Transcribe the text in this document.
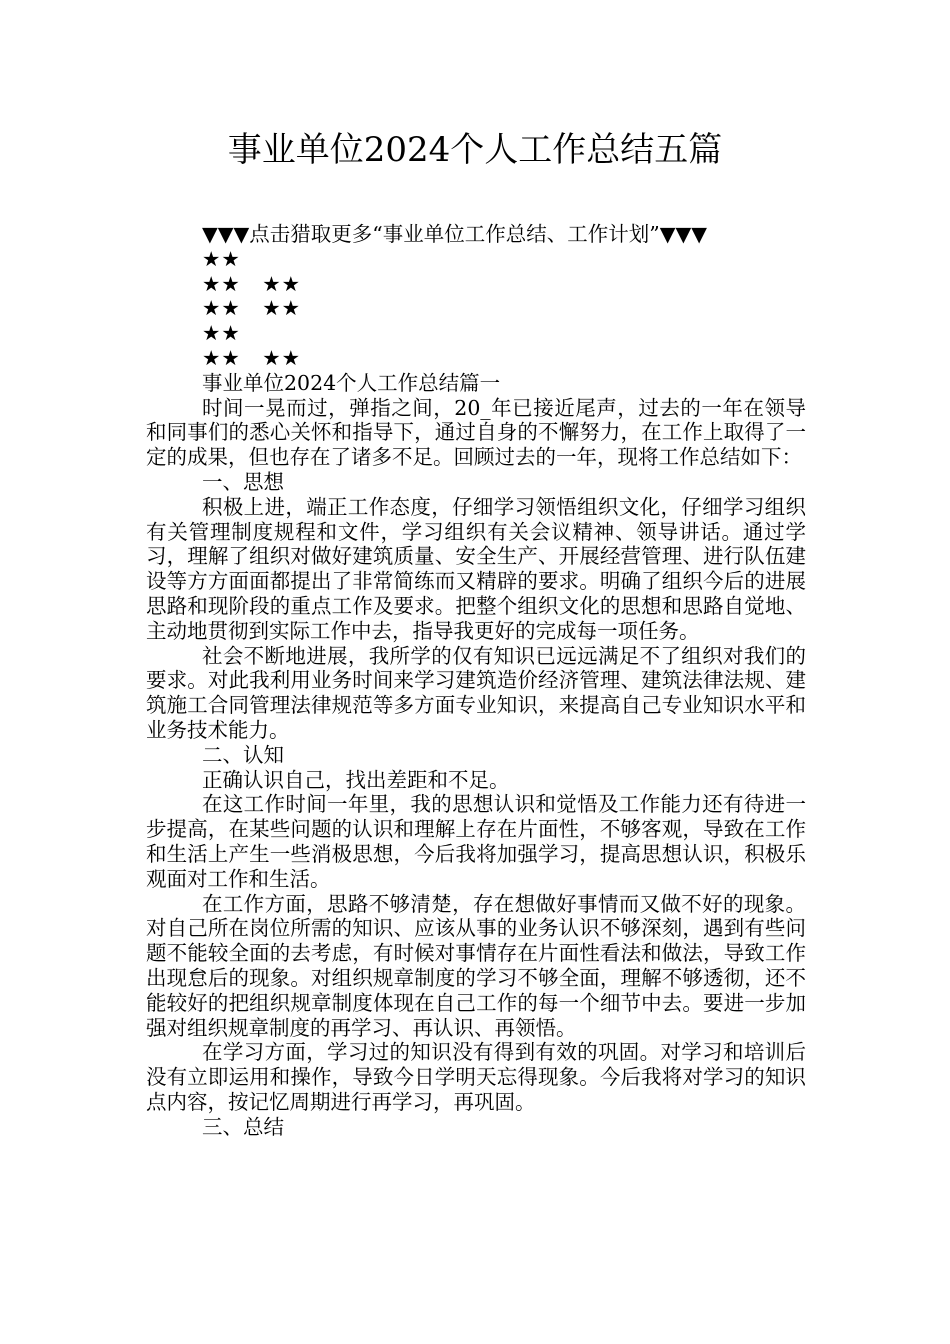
事业单位2024个人工作总结五篇
▼▼▼点击猎取更多“事业单位工作总结、工作计划”▼▼▼
★★
★★　★★
★★　★★
★★
★★　★★
事业单位2024个人工作总结篇一

时间一晃而过，弹指之间，20_年已接近尾声，过去的一年在领导和同事们的悉心关怀和指导下，通过自身的不懈努力，在工作上取得了一定的成果，但也存在了诸多不足。回顾过去的一年，现将工作总结如下：

一、思想

积极上进，端正工作态度，仔细学习领悟组织文化，仔细学习组织有关管理制度规程和文件，学习组织有关会议精神、领导讲话。通过学习，理解了组织对做好建筑质量、安全生产、开展经营管理、进行队伍建设等方方面面都提出了非常简练而又精辟的要求。明确了组织今后的进展思路和现阶段的重点工作及要求。把整个组织文化的思想和思路自觉地、主动地贯彻到实际工作中去，指导我更好的完成每一项任务。

社会不断地进展，我所学的仅有知识已远远满足不了组织对我们的要求。对此我利用业务时间来学习建筑造价经济管理、建筑法律法规、建筑施工合同管理法律规范等多方面专业知识，来提高自己专业知识水平和业务技术能力。

二、认知
正确认识自己，找出差距和不足。

在这工作时间一年里，我的思想认识和觉悟及工作能力还有待进一步提高，在某些问题的认识和理解上存在片面性，不够客观，导致在工作和生活上产生一些消极思想，今后我将加强学习，提高思想认识，积极乐观面对工作和生活。

在工作方面，思路不够清楚，存在想做好事情而又做不好的现象。对自己所在岗位所需的知识、应该从事的业务认识不够深刻，遇到有些问题不能较全面的去考虑，有时候对事情存在片面性看法和做法，导致工作出现怠后的现象。对组织规章制度的学习不够全面，理解不够透彻，还不能较好的把组织规章制度体现在自己工作的每一个细节中去。要进一步加强对组织规章制度的再学习、再认识、再领悟。

在学习方面，学习过的知识没有得到有效的巩固。对学习和培训后没有立即运用和操作，导致今日学明天忘得现象。今后我将对学习的知识点内容，按记忆周期进行再学习，再巩固。

三、总结
